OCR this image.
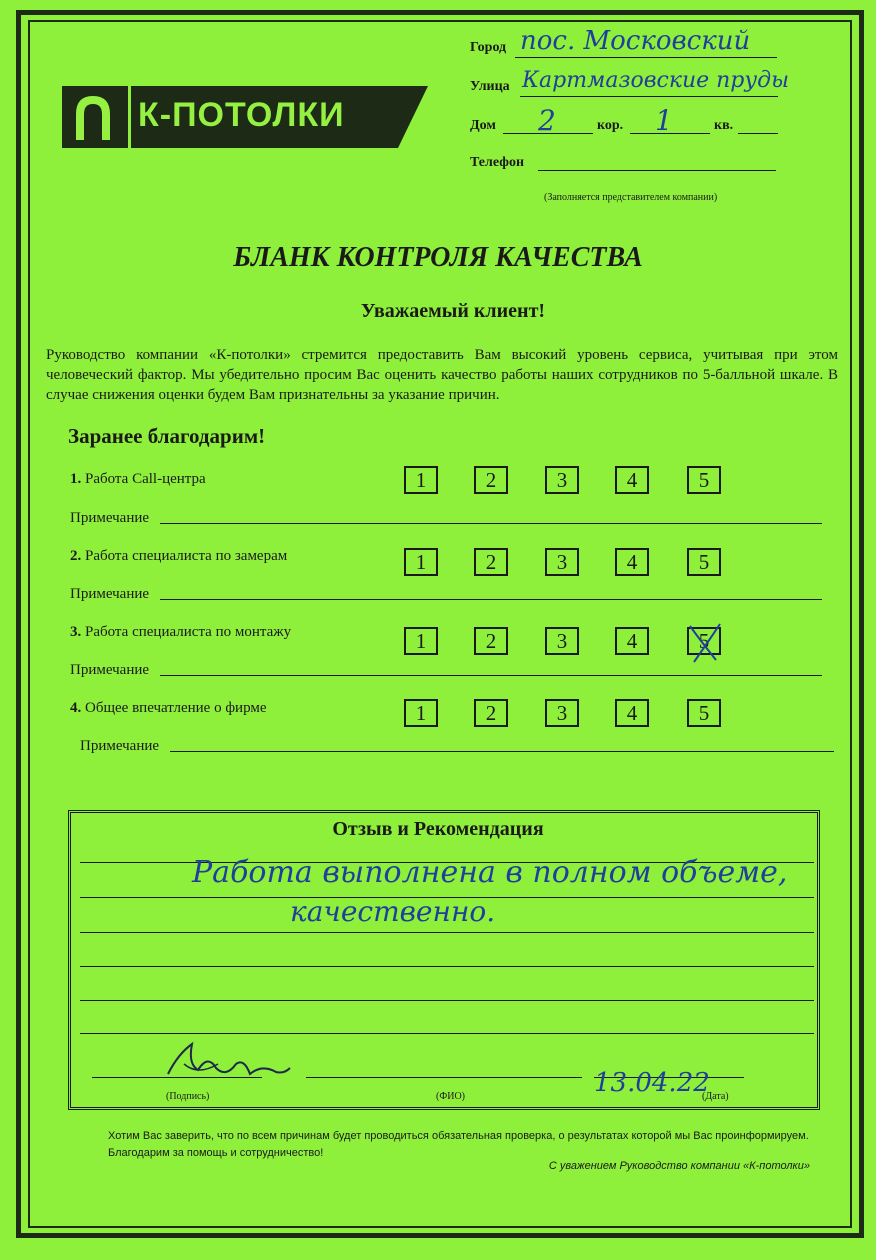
К-ПОТОЛКИ
Город пос. Московский
Улица Картмазовские пруды
Дом 2	кор. 1	кв.
Телефон
(Заполняется представителем компании)
БЛАНК КОНТРОЛЯ КАЧЕСТВА
Уважаемый клиент!
Руководство компании «К-потолки» стремится предоставить Вам высокий уровень сервиса, учитывая при этом человеческий фактор. Мы убедительно просим Вас оценить качество работы наших сотрудников по 5-балльной шкале. В случае снижения оценки будем Вам признательны за указание причин.
Заранее благодарим!
1. Работа Call-центра	1	2	3	4	5
Примечание
2. Работа специалиста по замерам	1	2	3	4	5
Примечание
3. Работа специалиста по монтажу	1	2	3	4	5
Примечание
4. Общее впечатление о фирме	1	2	3	4	5
Примечание
Отзыв и Рекомендация
Работа выполнена в полном объеме,
качественно.
(Подпись)	(ФИО)	(Дата)
13.04.22
Хотим Вас заверить, что по всем причинам будет проводиться обязательная проверка, о результатах которой мы Вас проинформируем. Благодарим за помощь и сотрудничество!
С уважением Руководство компании «К-потолки»
